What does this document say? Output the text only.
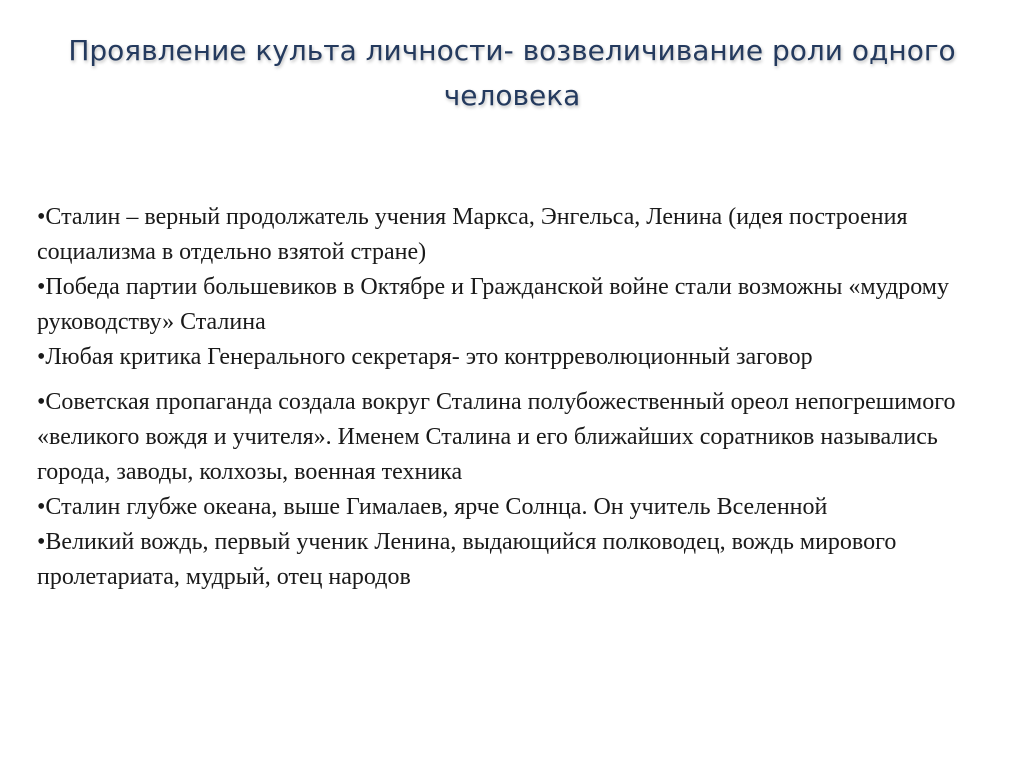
Проявление культа личности- возвеличивание роли одного человека

•Сталин – верный продолжатель учения Маркса, Энгельса, Ленина (идея построения социализма в отдельно взятой стране)

•Победа партии большевиков в Октябре и Гражданской войне стали возможны «мудрому руководству» Сталина

•Любая критика Генерального секретаря- это контрреволюционный заговор

•Советская пропаганда создала вокруг Сталина полубожественный ореол непогрешимого «великого вождя и учителя». Именем Сталина и его ближайших соратников назывались города, заводы, колхозы, военная техника

•Сталин глубже океана, выше Гималаев, ярче Солнца. Он учитель Вселенной

•Великий вождь, первый ученик Ленина, выдающийся полководец, вождь мирового пролетариата, мудрый, отец народов
